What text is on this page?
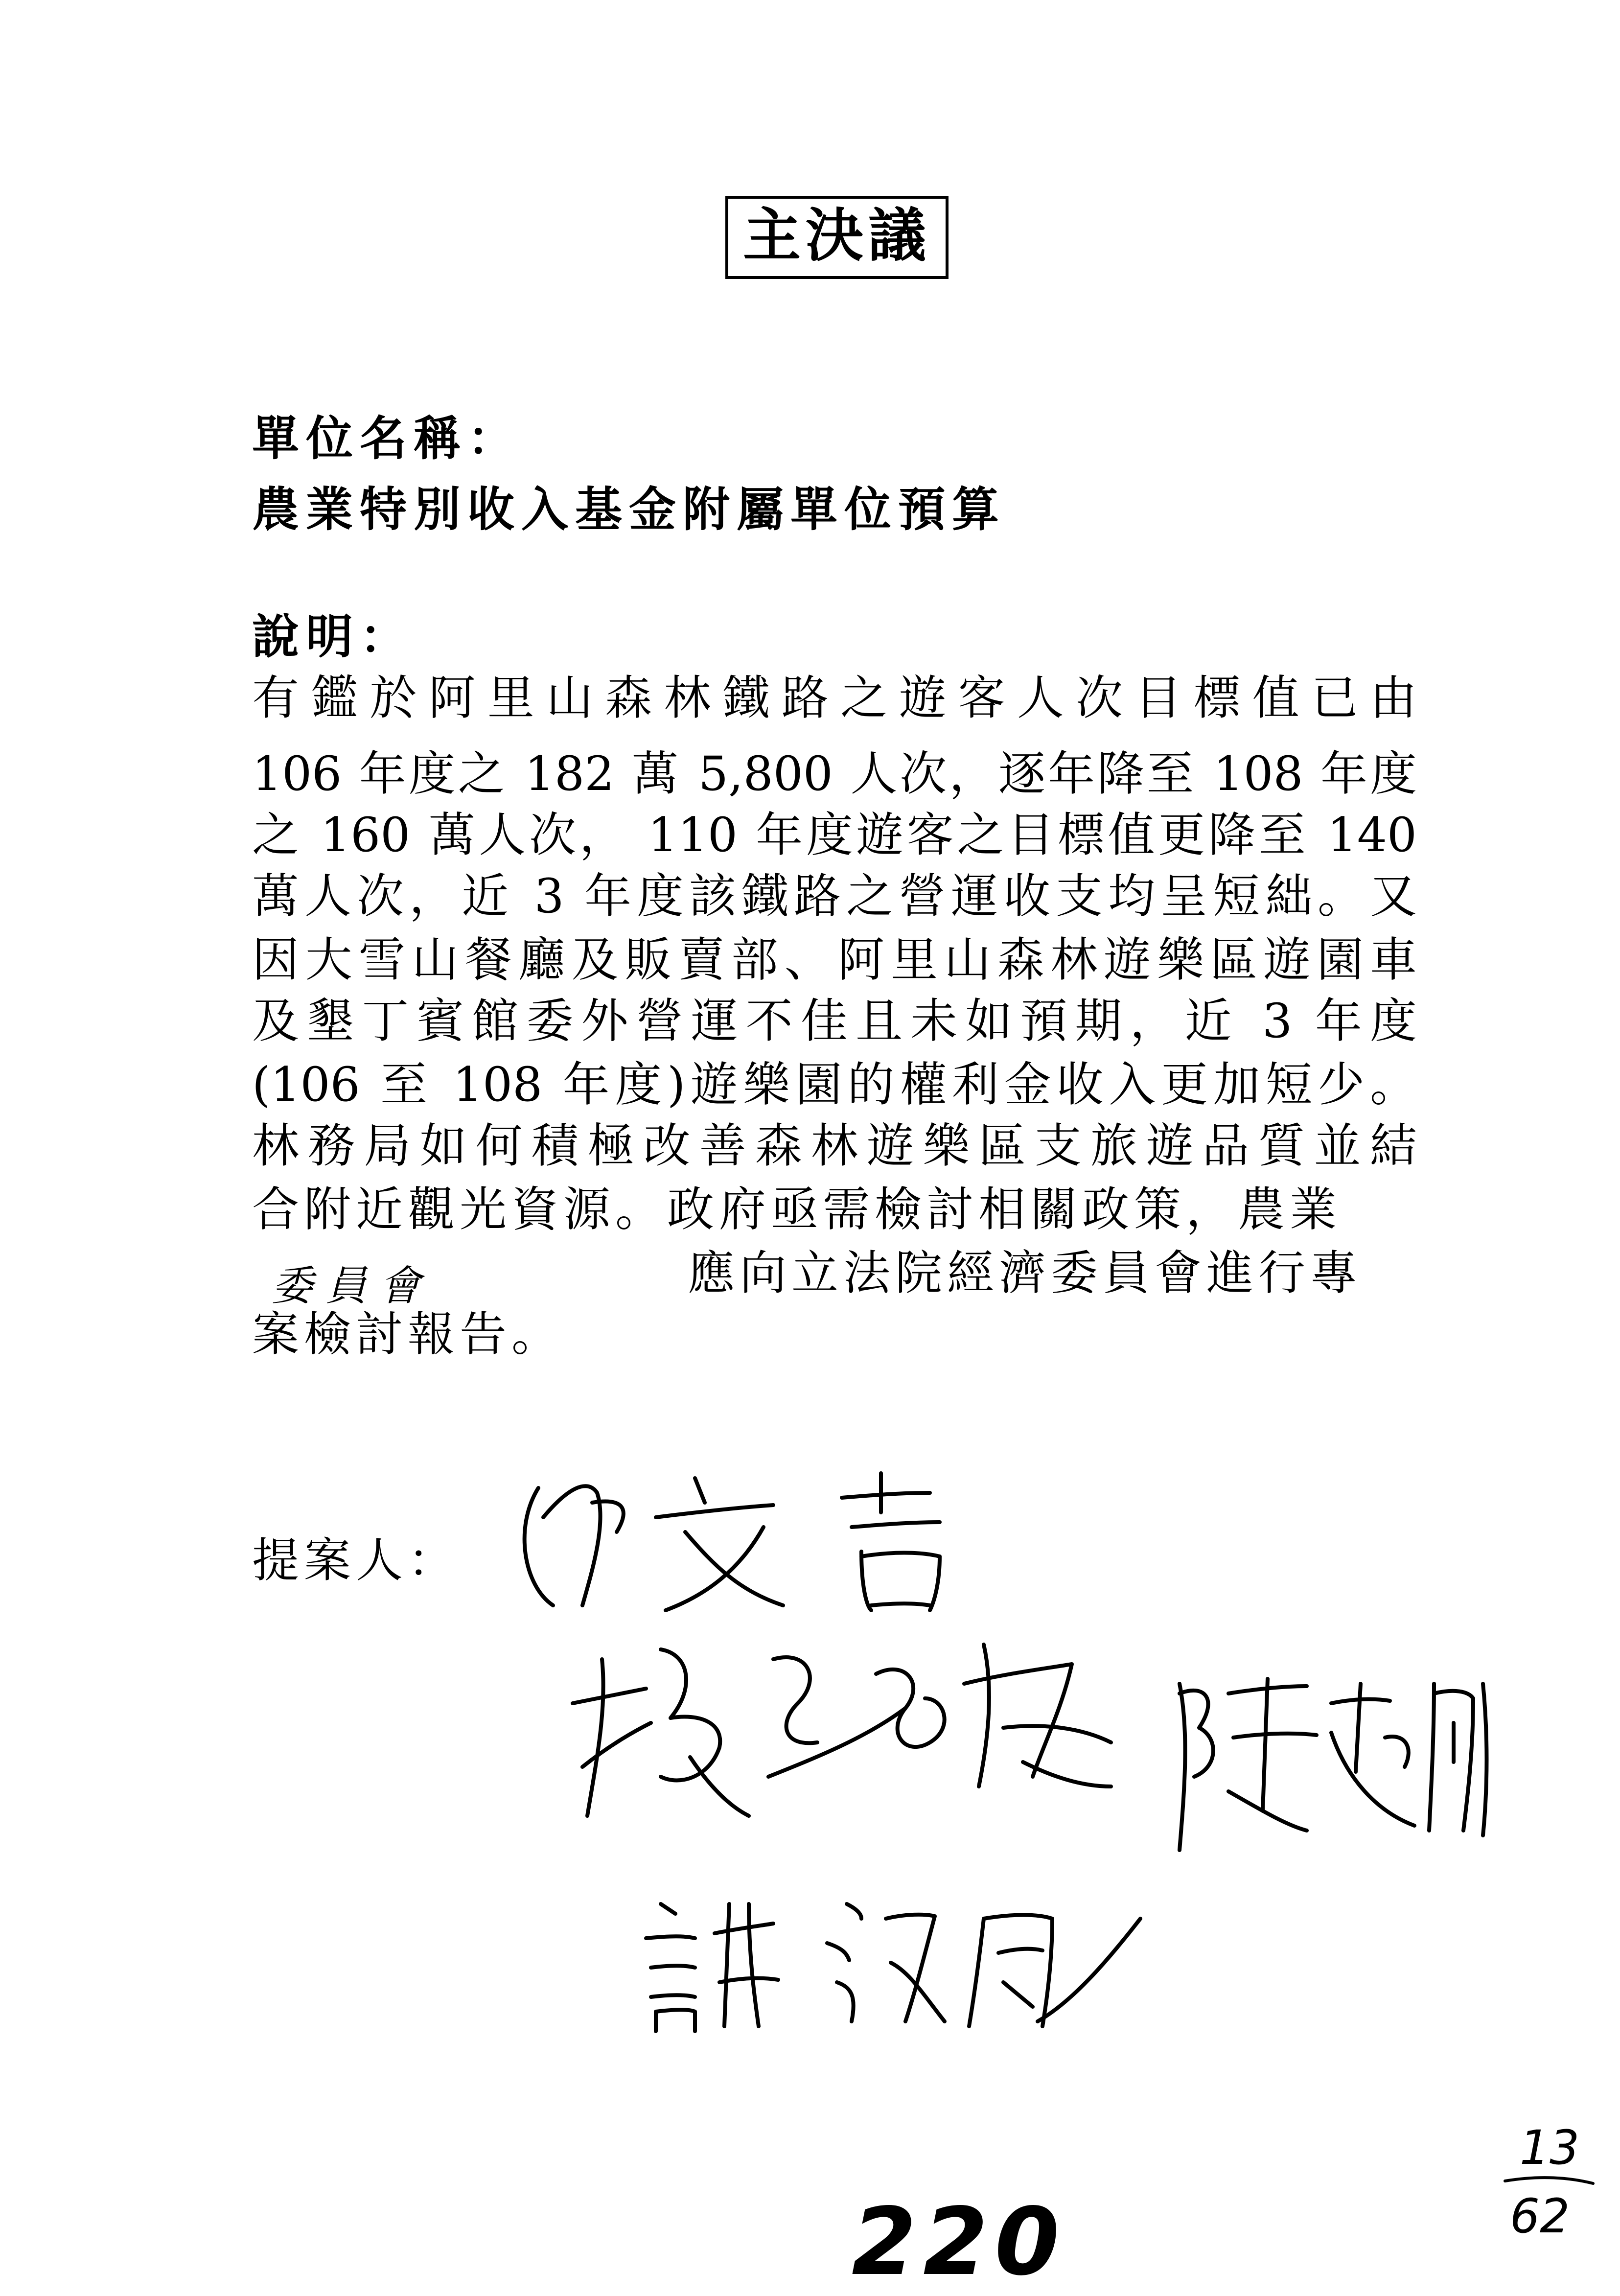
主決議
單位名稱：
農業特別收入基金附屬單位預算
說明：
有鑑於阿里山森林鐵路之遊客人次目標值已由
106 年度之 182 萬 5,800 人次，逐年降至 108 年度
之 160 萬人次， 110 年度遊客之目標值更降至 140
萬人次，近 3 年度該鐵路之營運收支均呈短絀。又
因大雪山餐廳及販賣部、阿里山森林遊樂區遊園車
及墾丁賓館委外營運不佳且未如預期，近 3 年度
(106 至 108 年度)遊樂園的權利金收入更加短少。
林務局如何積極改善森林遊樂區支旅遊品質並結
合附近觀光資源。政府亟需檢討相關政策，農業
委員會	應向立法院經濟委員會進行專
案檢討報告。
提案人：
220
13
62
